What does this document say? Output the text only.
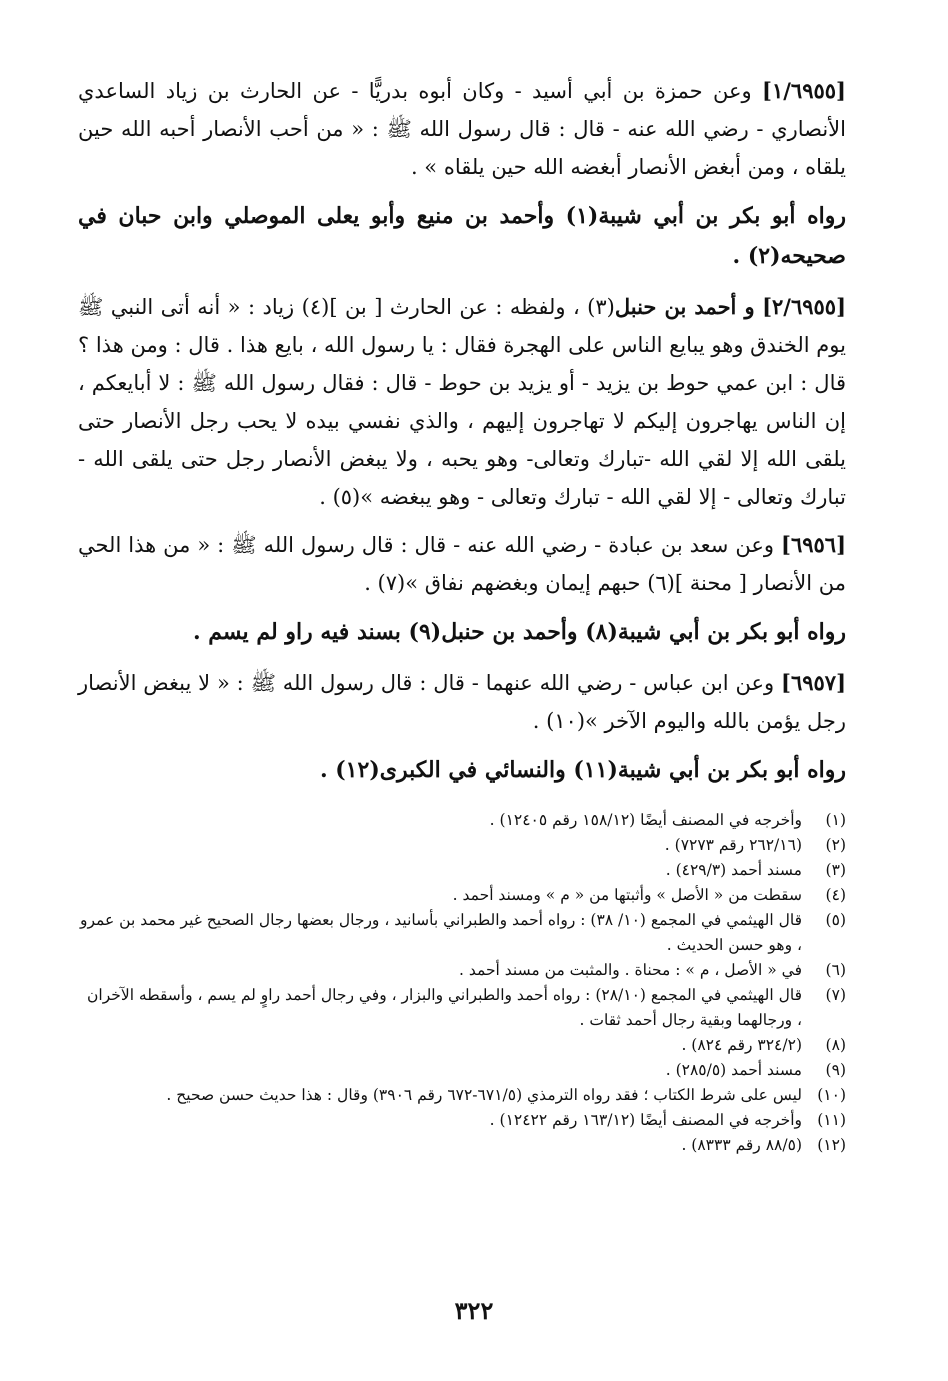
[١/٦٩٥٥] وعن حمزة بن أبي أسيد - وكان أبوه بدريًّا - عن الحارث بن زياد الساعدي الأنصاري - رضي الله عنه - قال : قال رسول الله ﷺ : « من أحب الأنصار أحبه الله حين يلقاه ، ومن أبغض الأنصار أبغضه الله حين يلقاه » .

رواه أبو بكر بن أبي شيبة(١) وأحمد بن منيع وأبو يعلى الموصلي وابن حبان في صحيحه(٢) .

[٢/٦٩٥٥] و أحمد بن حنبل(٣) ، ولفظه : عن الحارث [ بن ](٤) زياد : « أنه أتى النبي ﷺ يوم الخندق وهو يبايع الناس على الهجرة فقال : يا رسول الله ، بايع هذا . قال : ومن هذا ؟ قال : ابن عمي حوط بن يزيد - أو يزيد بن حوط - قال : فقال رسول الله ﷺ : لا أبايعكم ، إن الناس يهاجرون إليكم لا تهاجرون إليهم ، والذي نفسي بيده لا يحب رجل الأنصار حتى يلقى الله إلا لقي الله -تبارك وتعالى- وهو يحبه ، ولا يبغض الأنصار رجل حتى يلقى الله - تبارك وتعالى - إلا لقي الله - تبارك وتعالى - وهو يبغضه »(٥) .

[٦٩٥٦] وعن سعد بن عبادة - رضي الله عنه - قال : قال رسول الله ﷺ : « من هذا الحي من الأنصار [ محنة ](٦) حبهم إيمان وبغضهم نفاق »(٧) .

رواه أبو بكر بن أبي شيبة(٨) وأحمد بن حنبل(٩) بسند فيه راو لم يسم .

[٦٩٥٧] وعن ابن عباس - رضي الله عنهما - قال : قال رسول الله ﷺ : « لا يبغض الأنصار رجل يؤمن بالله واليوم الآخر »(١٠) .

رواه أبو بكر بن أبي شيبة(١١) والنسائي في الكبرى(١٢) .

(١)
وأخرجه في المصنف أيضًا (١٥٨/١٢ رقم ١٢٤٠٥) .
(٢)
(٢٦٢/١٦ رقم ٧٢٧٣) .
(٣)
مسند أحمد (٤٢٩/٣) .
(٤)
سقطت من « الأصل » وأثبتها من « م » ومسند أحمد .
(٥)
قال الهيثمي في المجمع (١٠/ ٣٨) : رواه أحمد والطبراني بأسانيد ، ورجال بعضها رجال الصحيح غير محمد بن عمرو ، وهو حسن الحديث .
(٦)
في « الأصل ، م » : محناة . والمثبت من مسند أحمد .
(٧)
قال الهيثمي في المجمع (٢٨/١٠) : رواه أحمد والطبراني والبزار ، وفي رجال أحمد راوٍ لم يسم ، وأسقطه الآخران ، ورجالهما وبقية رجال أحمد ثقات .
(٨)
(٣٢٤/٢ رقم ٨٢٤) .
(٩)
مسند أحمد (٢٨٥/٥) .
(١٠)
ليس على شرط الكتاب ؛ فقد رواه الترمذي (٦٧١/٥-٦٧٢ رقم ٣٩٠٦) وقال : هذا حديث حسن صحيح .
(١١)
وأخرجه في المصنف أيضًا (١٦٣/١٢ رقم ١٢٤٢٢) .
(١٢)
(٨٨/٥ رقم ٨٣٣٣) .
٣٢٢
